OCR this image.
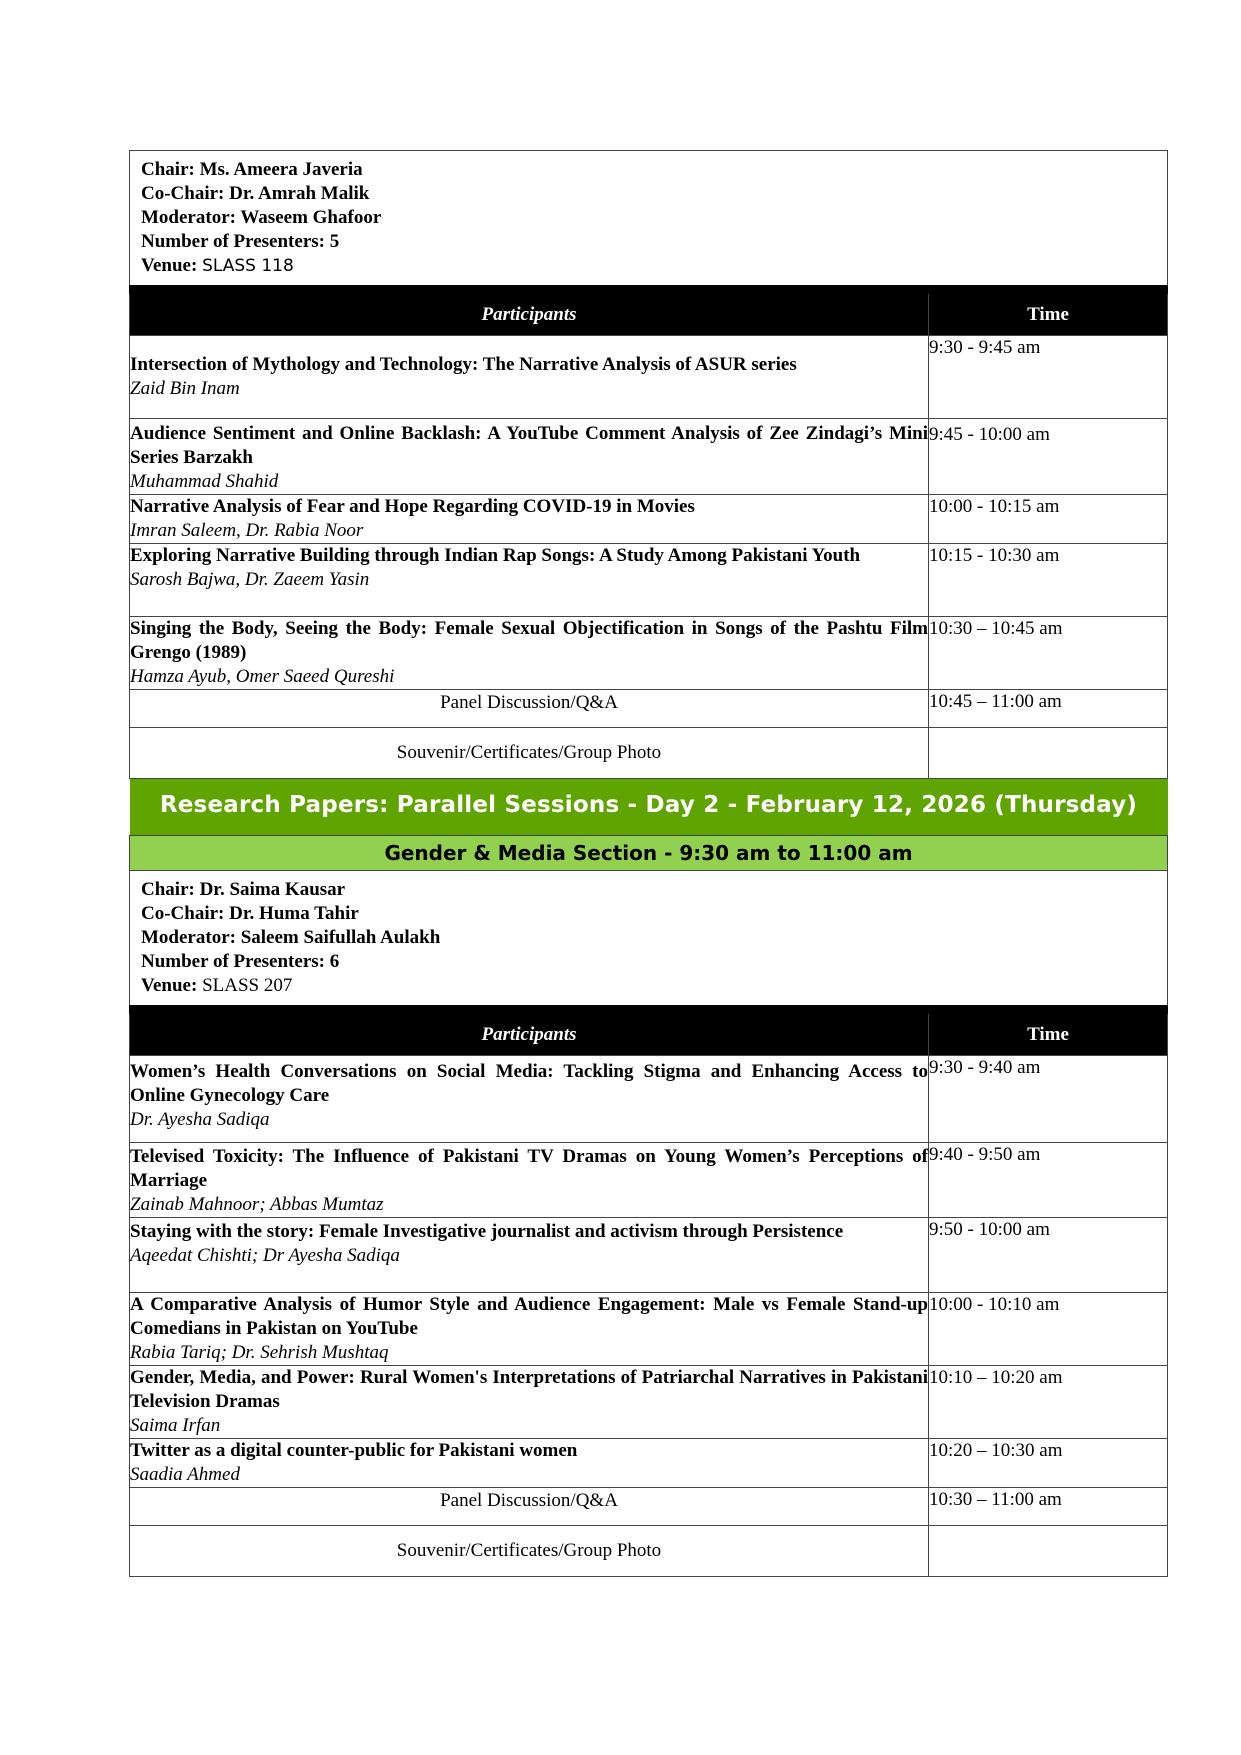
Chair: Ms. Ameera Javeria
Co-Chair: Dr. Amrah Malik
Moderator: Waseem Ghafoor
Number of Presenters: 5
Venue: SLASS 118	

Participants	Time

Intersection of Mythology and Technology: The Narrative Analysis of ASUR series
Zaid Bin Inam	9:30 - 9:45 am

Audience Sentiment and Online Backlash: A YouTube Comment Analysis of Zee Zindagi’s Mini Series Barzakh
Muhammad Shahid	9:45 - 10:00 am

Narrative Analysis of Fear and Hope Regarding COVID-19 in Movies
Imran Saleem, Dr. Rabia Noor	10:00 - 10:15 am

Exploring Narrative Building through Indian Rap Songs: A Study Among Pakistani Youth
Sarosh Bajwa, Dr. Zaeem Yasin	10:15 - 10:30 am

Singing the Body, Seeing the Body: Female Sexual Objectification in Songs of the Pashtu Film Grengo (1989)
Hamza Ayub, Omer Saeed Qureshi	10:30 – 10:45 am
Panel Discussion/Q&A	10:45 – 11:00 am
Souvenir/Certificates/Group Photo	
Research Papers: Parallel Sessions - Day 2 - February 12, 2026 (Thursday)	

Gender & Media Section - 9:30 am to 11:00 am	

Chair: Dr. Saima Kausar
Co-Chair: Dr. Huma Tahir
Moderator: Saleem Saifullah Aulakh
Number of Presenters: 6
Venue: SLASS 207	

Participants	Time

Women’s Health Conversations on Social Media: Tackling Stigma and Enhancing Access to Online Gynecology Care
Dr. Ayesha Sadiqa	9:30 - 9:40 am

Televised Toxicity: The Influence of Pakistani TV Dramas on Young Women’s Perceptions of Marriage
Zainab Mahnoor; Abbas Mumtaz	9:40 - 9:50 am

Staying with the story: Female Investigative journalist and activism through Persistence
Aqeedat Chishti; Dr Ayesha Sadiqa	9:50 - 10:00 am

A Comparative Analysis of Humor Style and Audience Engagement: Male vs Female Stand-up Comedians in Pakistan on YouTube
Rabia Tariq; Dr. Sehrish Mushtaq	10:00 - 10:10 am

Gender, Media, and Power: Rural Women's Interpretations of Patriarchal Narratives in Pakistani Television Dramas
Saima Irfan	10:10 – 10:20 am

Twitter as a digital counter-public for Pakistani women
Saadia Ahmed	10:20 – 10:30 am
Panel Discussion/Q&A	10:30 – 11:00 am
Souvenir/Certificates/Group Photo	
